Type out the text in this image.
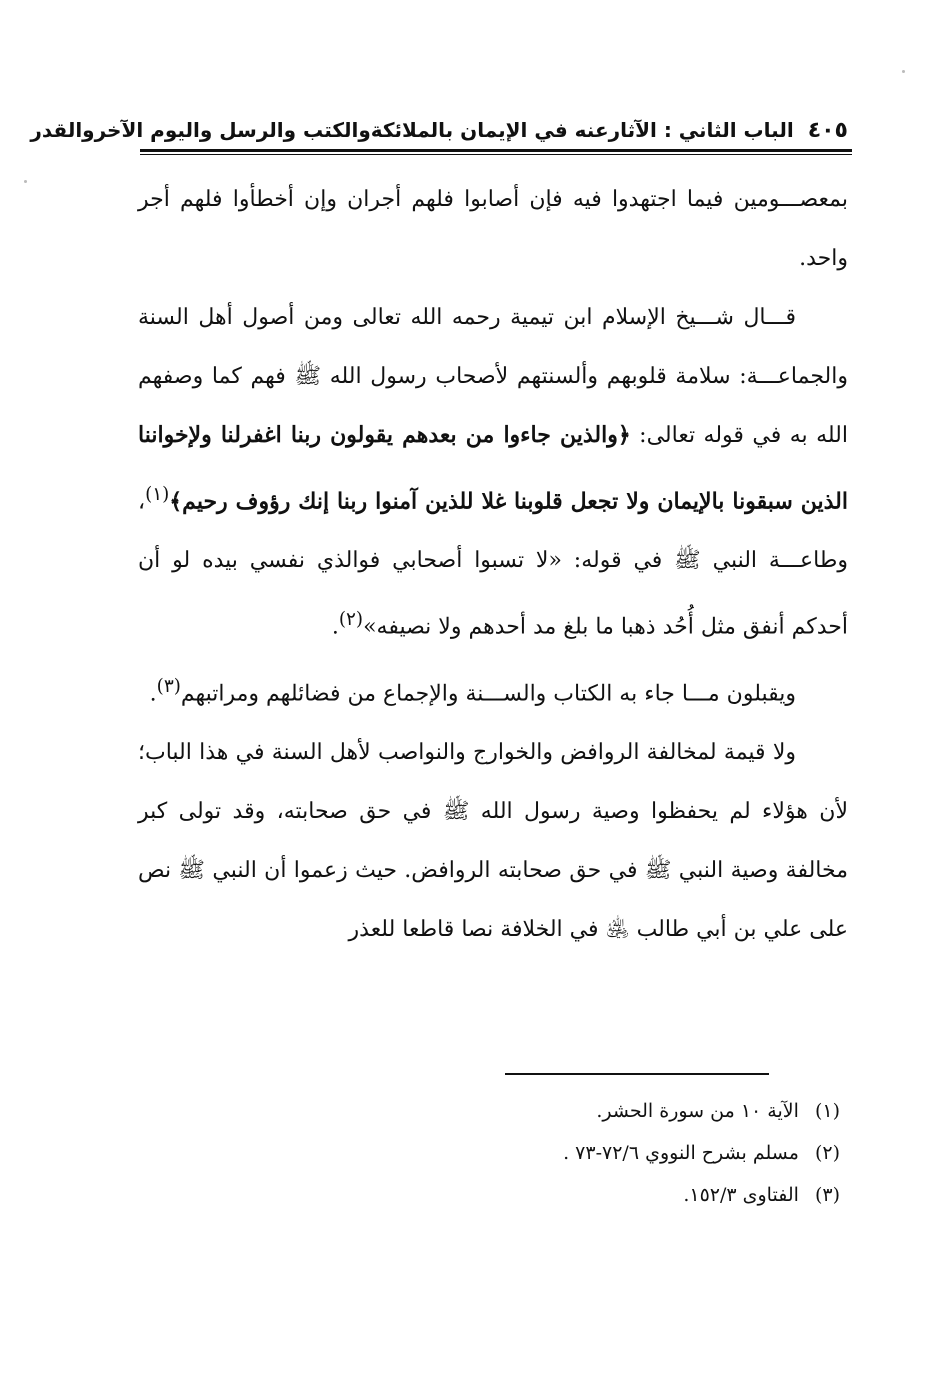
٤٠٥
الباب الثاني : الآثارعنه في الإيمان بالملائكةوالكتب والرسل واليوم الآخروالقدر

بمعصـــومين فيما اجتهدوا فيه فإن أصابوا فلهم أجران وإن أخطأوا فلهم أجر واحد.

قـــال شـــيخ الإسلام ابن تيمية رحمه الله تعالى ومن أصول أهل السنة والجماعـــة: سلامة قلوبهم وألسنتهم لأصحاب رسول الله ﷺ فهم كما وصفهم الله به في قوله تعالى: ﴿والذين جاءوا من بعدهم يقولون ربنا اغفرلنا ولإخواننا الذين سبقونا بالإيمان ولا تجعل قلوبنا غلا للذين آمنوا ربنا إنك رؤوف رحيم﴾$^{(١)}$، وطاعـــة النبي ﷺ في قوله: «لا تسبوا أصحابي فوالذي نفسي بيده لو أن أحدكم أنفق مثل أُحُد ذهبا ما بلغ مد أحدهم ولا نصيفه»$^{(٢)}$.

ويقبلون مـــا جاء به الكتاب والســـنة والإجماع من فضائلهم ومراتبهم$^{(٣)}$.

ولا قيمة لمخالفة الروافض والخوارج والنواصب لأهل السنة في هذا الباب؛ لأن هؤلاء لم يحفظوا وصية رسول الله ﷺ في حق صحابته، وقد تولى كبر مخالفة وصية النبي ﷺ في حق صحابته الروافض. حيث زعموا أن النبي ﷺ نص على علي بن أبي طالب ﵁ في الخلافة نصا قاطعا للعذر

(١) الآية ١٠ من سورة الحشر.
(٢) مسلم بشرح النووي ٧٢/٦-٧٣ .
(٣) الفتاوى ١٥٢/٣.
